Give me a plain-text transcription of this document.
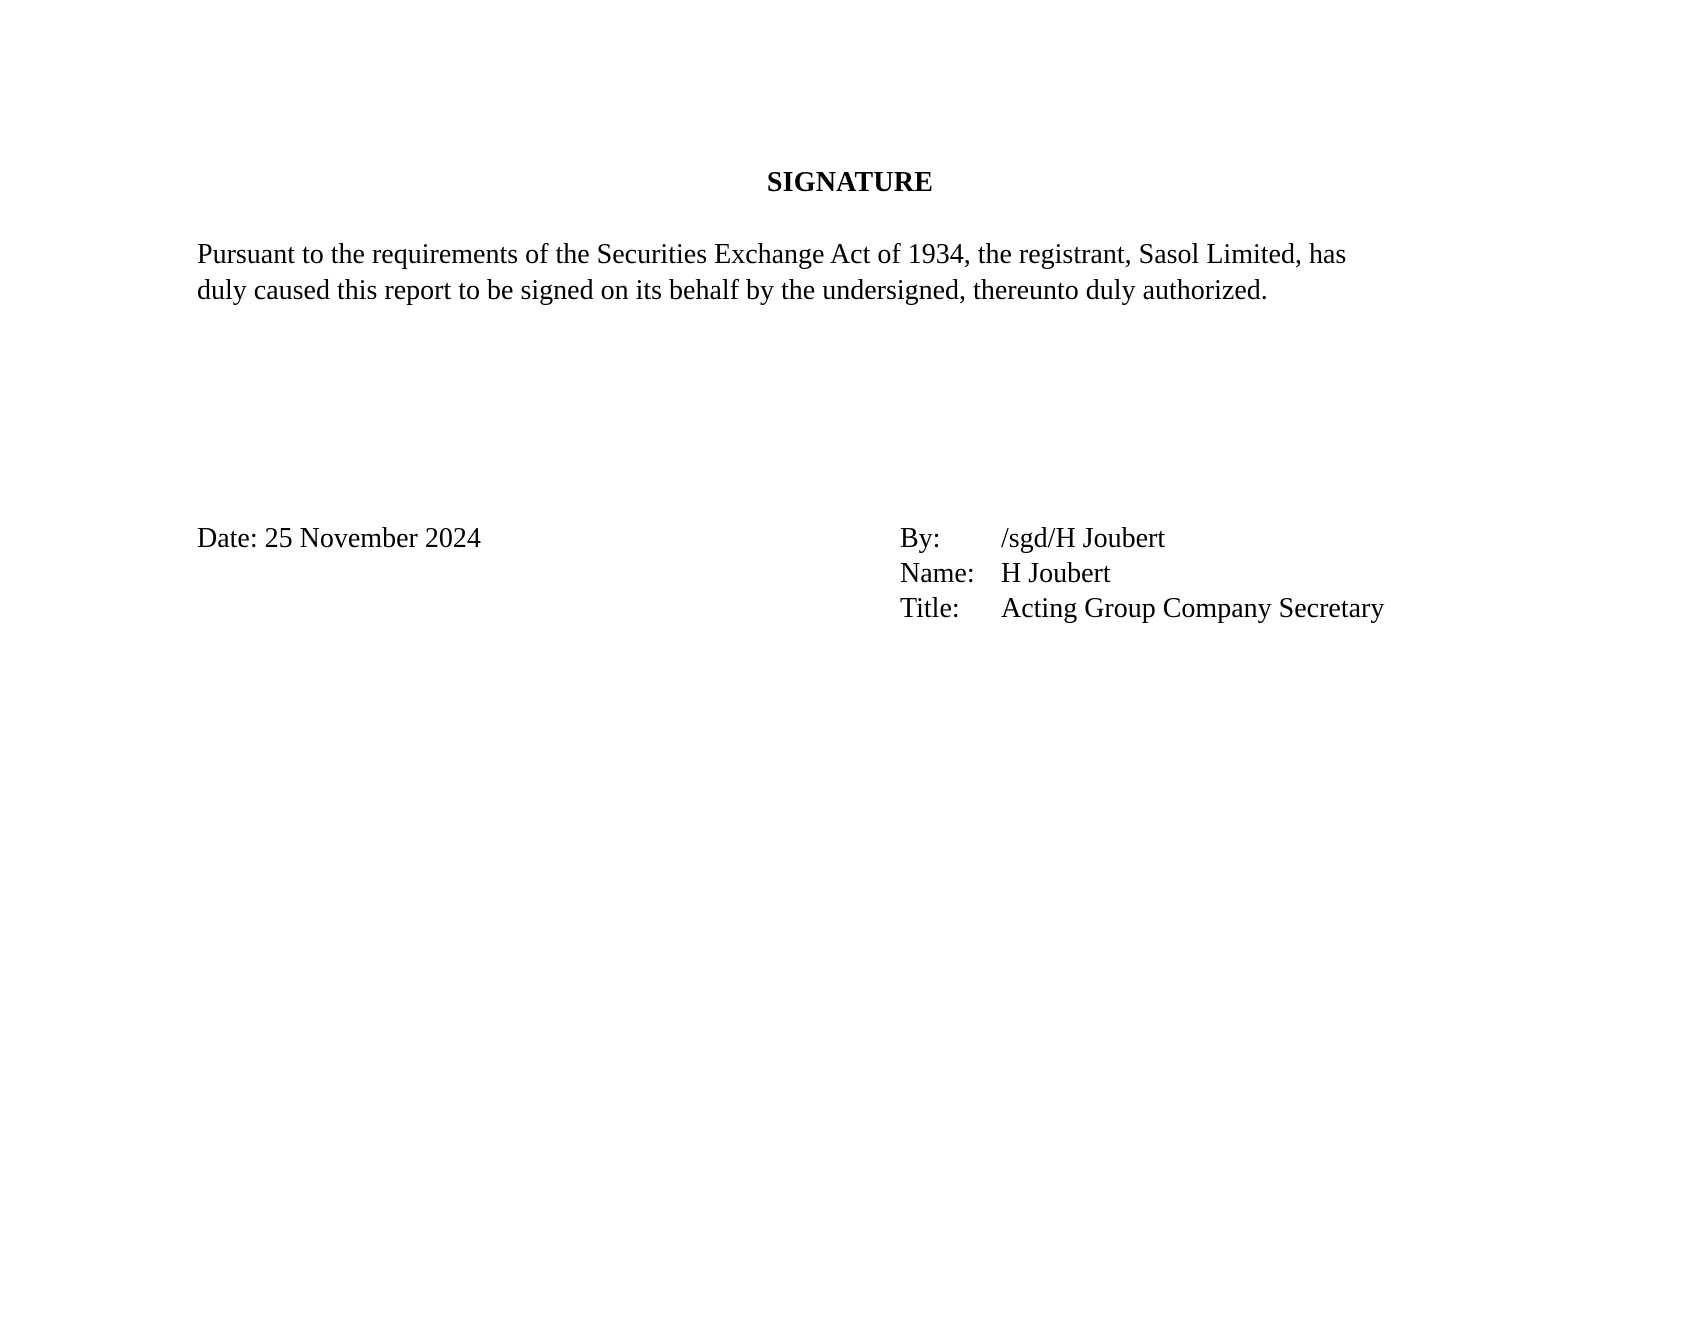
SIGNATURE
Pursuant to the requirements of the Securities Exchange Act of 1934, the registrant, Sasol Limited, has
duly caused this report to be signed on its behalf by the undersigned, thereunto duly authorized.
Date: 25 November 2024	By:	/sgd/H Joubert
Name: H Joubert
Title:	Acting Group Company Secretary
